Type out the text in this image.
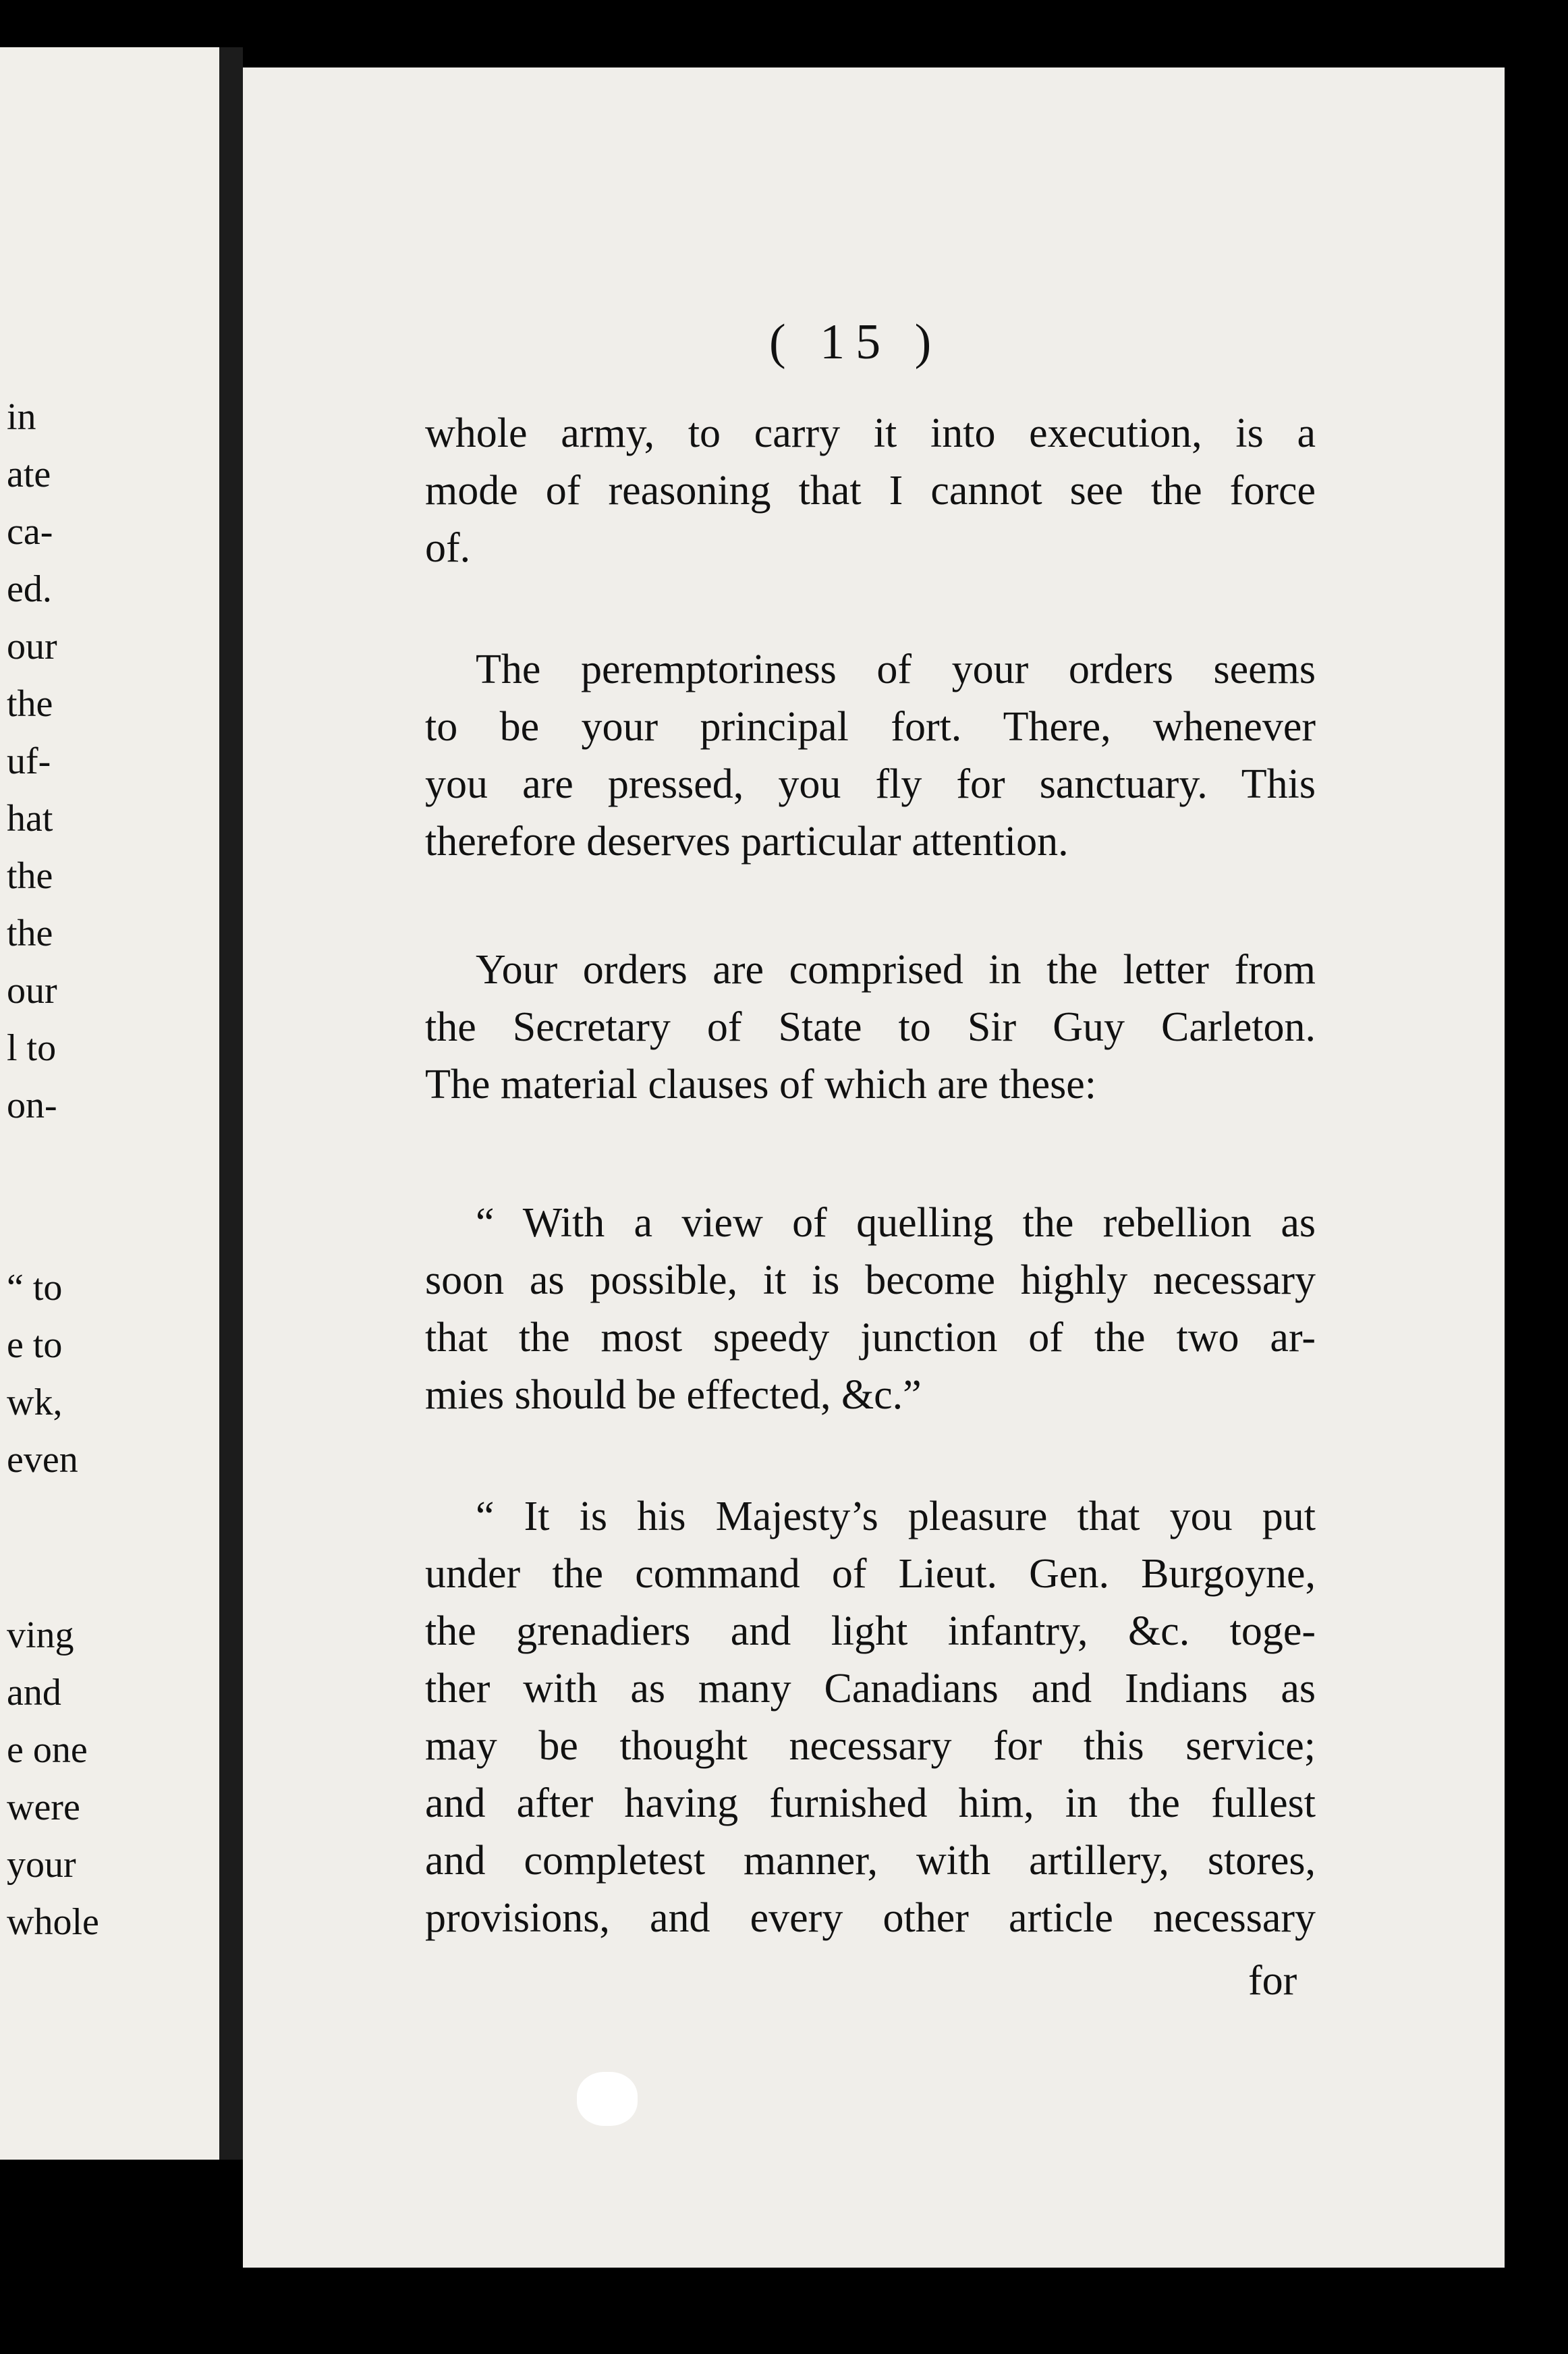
in
ate
ca-
ed.
our
the
uf-
hat
the
the
our
l to
on-
“ to
e to
wk,
even
ving
and
e one
were
your
whole
( 15 )
whole army, to carry it into execution, is a
mode of reasoning that I cannot see the force
of.
The peremptoriness of your orders seems
to be your principal fort. There, whenever
you are pressed, you fly for sanctuary. This
therefore deserves particular attention.
Your orders are comprised in the letter from
the Secretary of State to Sir Guy Carleton.
The material clauses of which are these:
“ With a view of quelling the rebellion as
soon as possible, it is become highly necessary
that the most speedy junction of the two ar-
mies should be effected, &c.”
“ It is his Majesty’s pleasure that you put
under the command of Lieut. Gen. Burgoyne,
the grenadiers and light infantry, &c. toge-
ther with as many Canadians and Indians as
may be thought necessary for this service;
and after having furnished him, in the fullest
and completest manner, with artillery, stores,
provisions, and every other article necessary
for
